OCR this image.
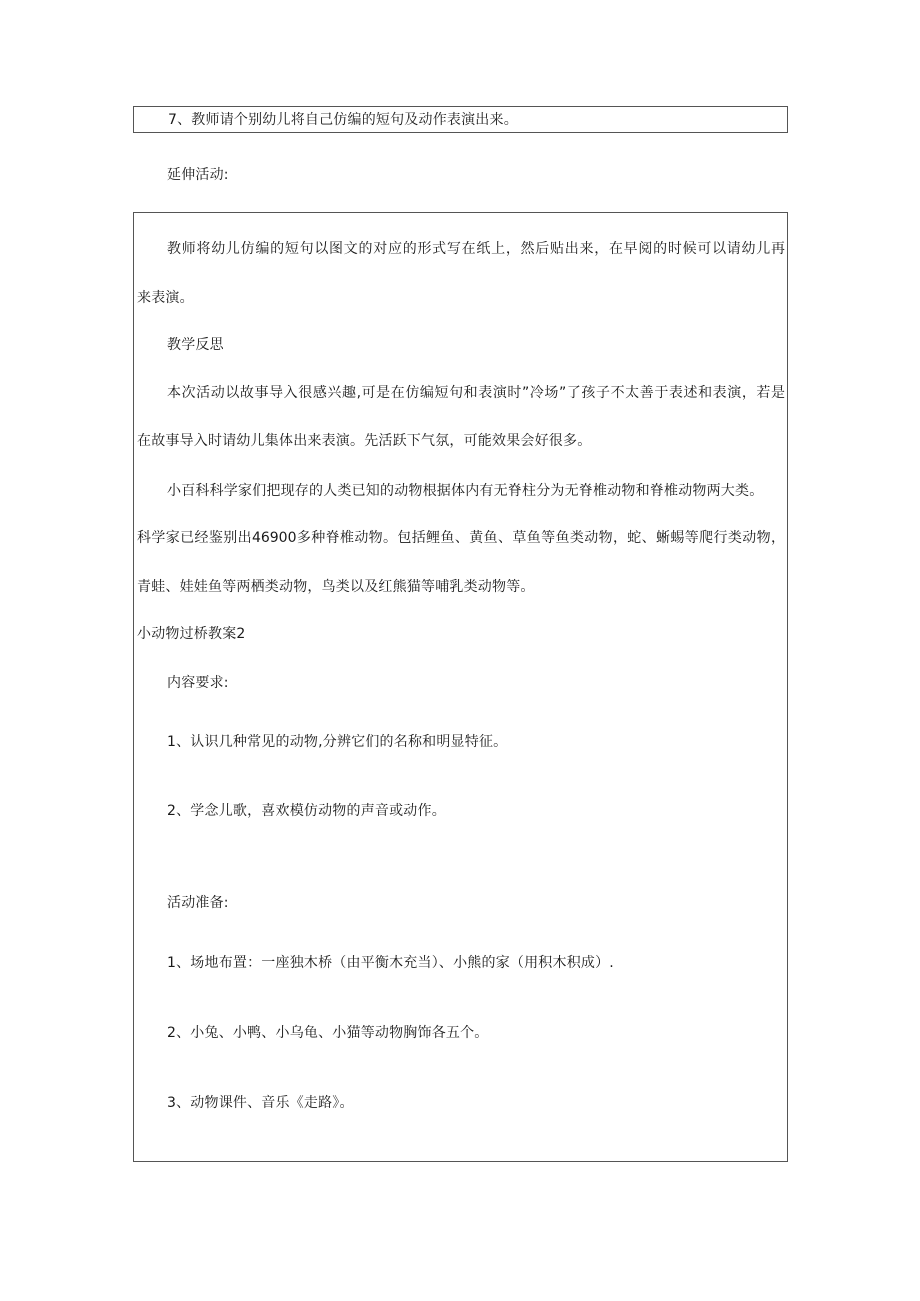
7、教师请个别幼儿将自己仿编的短句及动作表演出来。
延伸活动:
教师将幼儿仿编的短句以图文的对应的形式写在纸上，然后贴出来，在早阅的时候可以请幼儿再
来表演。
教学反思
本次活动以故事导入很感兴趣,可是在仿编短句和表演时”冷场”了孩子不太善于表述和表演，若是
在故事导入时请幼儿集体出来表演。先活跃下气氛，可能效果会好很多。
小百科科学家们把现存的人类已知的动物根据体内有无脊柱分为无脊椎动物和脊椎动物两大类。
科学家已经鉴别出46900多种脊椎动物。包括鲤鱼、黄鱼、草鱼等鱼类动物，蛇、蜥蜴等爬行类动物，
青蛙、娃娃鱼等两栖类动物，鸟类以及红熊猫等哺乳类动物等。
小动物过桥教案2
内容要求:
1、认识几种常见的动物,分辨它们的名称和明显特征。
2、学念儿歌，喜欢模仿动物的声音或动作。
活动准备:
1、场地布置：一座独木桥（由平衡木充当）、小熊的家（用积木积成）.
2、小兔、小鸭、小乌龟、小猫等动物胸饰各五个。
3、动物课件、音乐《走路》。
